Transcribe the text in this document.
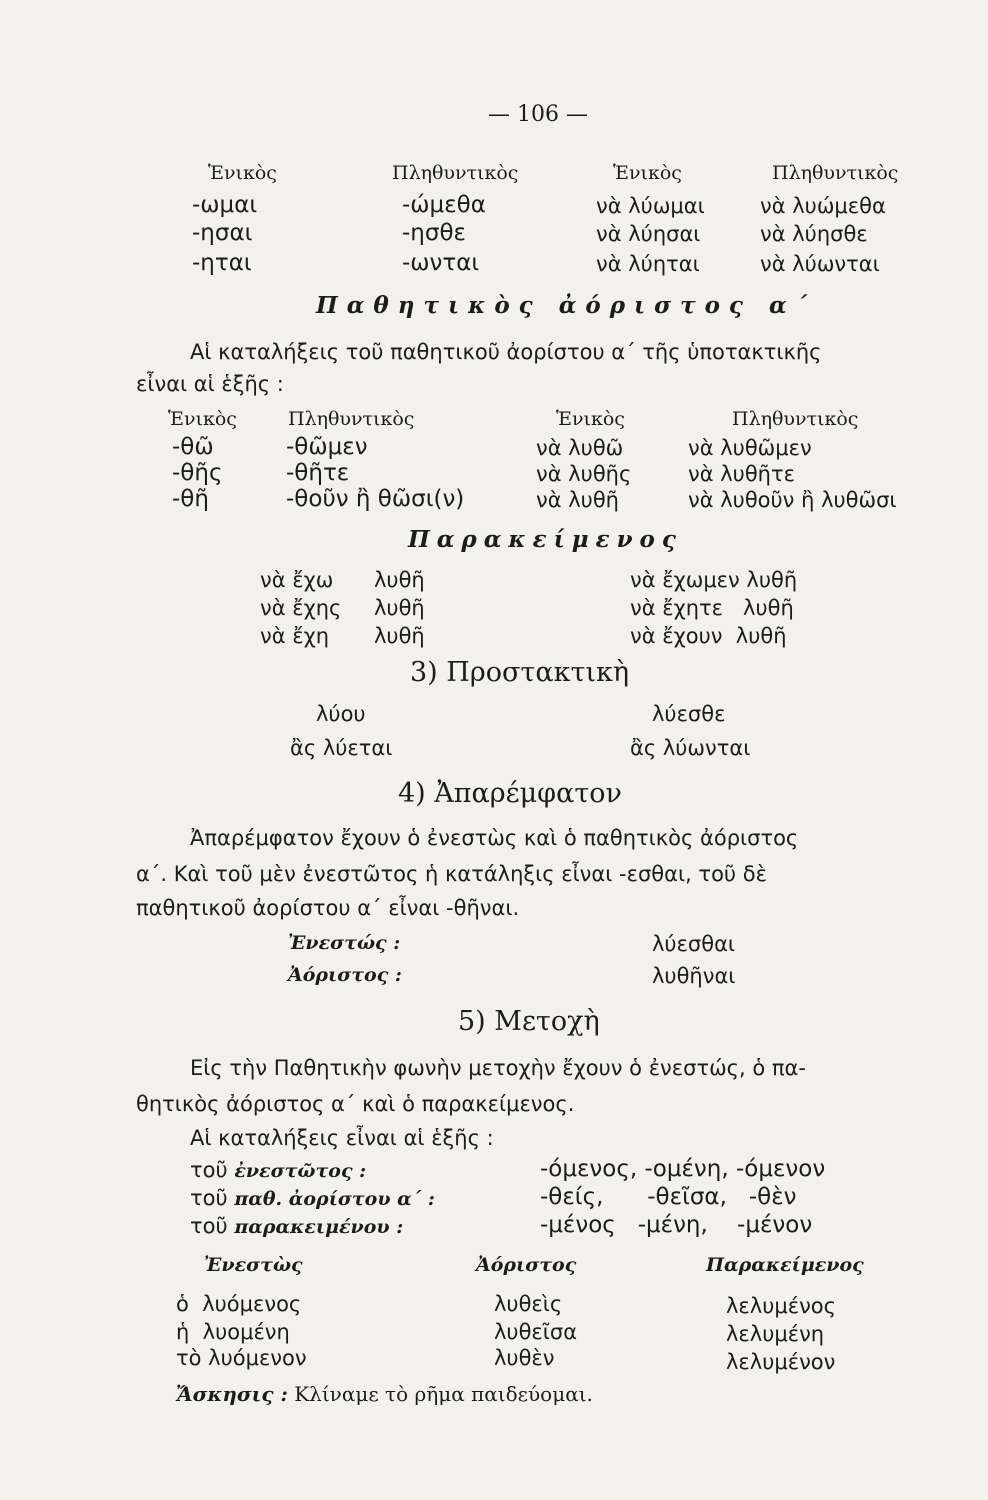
— 106 —
Ἑνικὸς	Πληθυντικὸς	Ἑνικὸς	Πληθυντικὸς
-ωμαι	-ώμεθα	νὰ λύωμαι	νὰ λυώμεθα
-ησαι	-ησθε	νὰ λύησαι	νὰ λύησθε
-ηται	-ωνται	νὰ λύηται	νὰ λύωνται
Παθητικὸς ἀόριστος α΄
Αἱ καταλήξεις τοῦ παθητικοῦ ἀορίστου α΄ τῆς ὑποτακτικῆς
εἶναι αἱ ἑξῆς :
Ἑνικὸς	Πληθυντικὸς	Ἑνικὸς	Πληθυντικὸς
-θῶ	-θῶμεν	νὰ λυθῶ	νὰ λυθῶμεν
-θῆς	-θῆτε	νὰ λυθῆς	νὰ λυθῆτε
-θῆ	-θοῦν ἢ θῶσι(ν)	νὰ λυθῆ	νὰ λυθοῦν ἢ λυθῶσι
Παρακείμενος
νὰ ἔχω λυθῆ	νὰ ἔχωμεν λυθῆ
νὰ ἔχης λυθῆ	νὰ ἔχητε   λυθῆ
νὰ ἔχη λυθῆ	νὰ ἔχουν  λυθῆ
3) Προστακτικὴ
λύου	λύεσθε
ἂς λύεται	ἂς λύωνται
4) Ἀπαρέμφατον
Ἀπαρέμφατον ἔχουν ὁ ἐνεστὼς καὶ ὁ παθητικὸς ἀόριστος
α΄. Καὶ τοῦ μὲν ἐνεστῶτος ἡ κατάληξις εἶναι -εσθαι, τοῦ δὲ
παθητικοῦ ἀορίστου α΄ εἶναι -θῆναι.
Ἐνεστώς :	λύεσθαι
Ἀόριστος :	λυθῆναι
5) Μετοχὴ
Εἰς τὴν Παθητικὴν φωνὴν μετοχὴν ἔχουν ὁ ἐνεστώς, ὁ πα-
θητικὸς ἀόριστος α΄ καὶ ὁ παρακείμενος.
Αἱ καταλήξεις εἶναι αἱ ἑξῆς :
τοῦ ἐνεστῶτος :	-όμενος, -ομένη, -όμενον
τοῦ παθ. ἀορίστου α΄ :	-θείς,      -θεῖσα,   -θὲν
τοῦ παρακειμένου :	-μένος   -μένη,    -μένον
Ἐνεστὼς	Ἀόριστος	Παρακείμενος
ὁ  λυόμενος	λυθεὶς	λελυμένος
ἡ  λυομένη	λυθεῖσα	λελυμένη
τὸ λυόμενον	λυθὲν	λελυμένον
Ἄσκησις : Κλίναμε τὸ ρῆμα παιδεύομαι.
